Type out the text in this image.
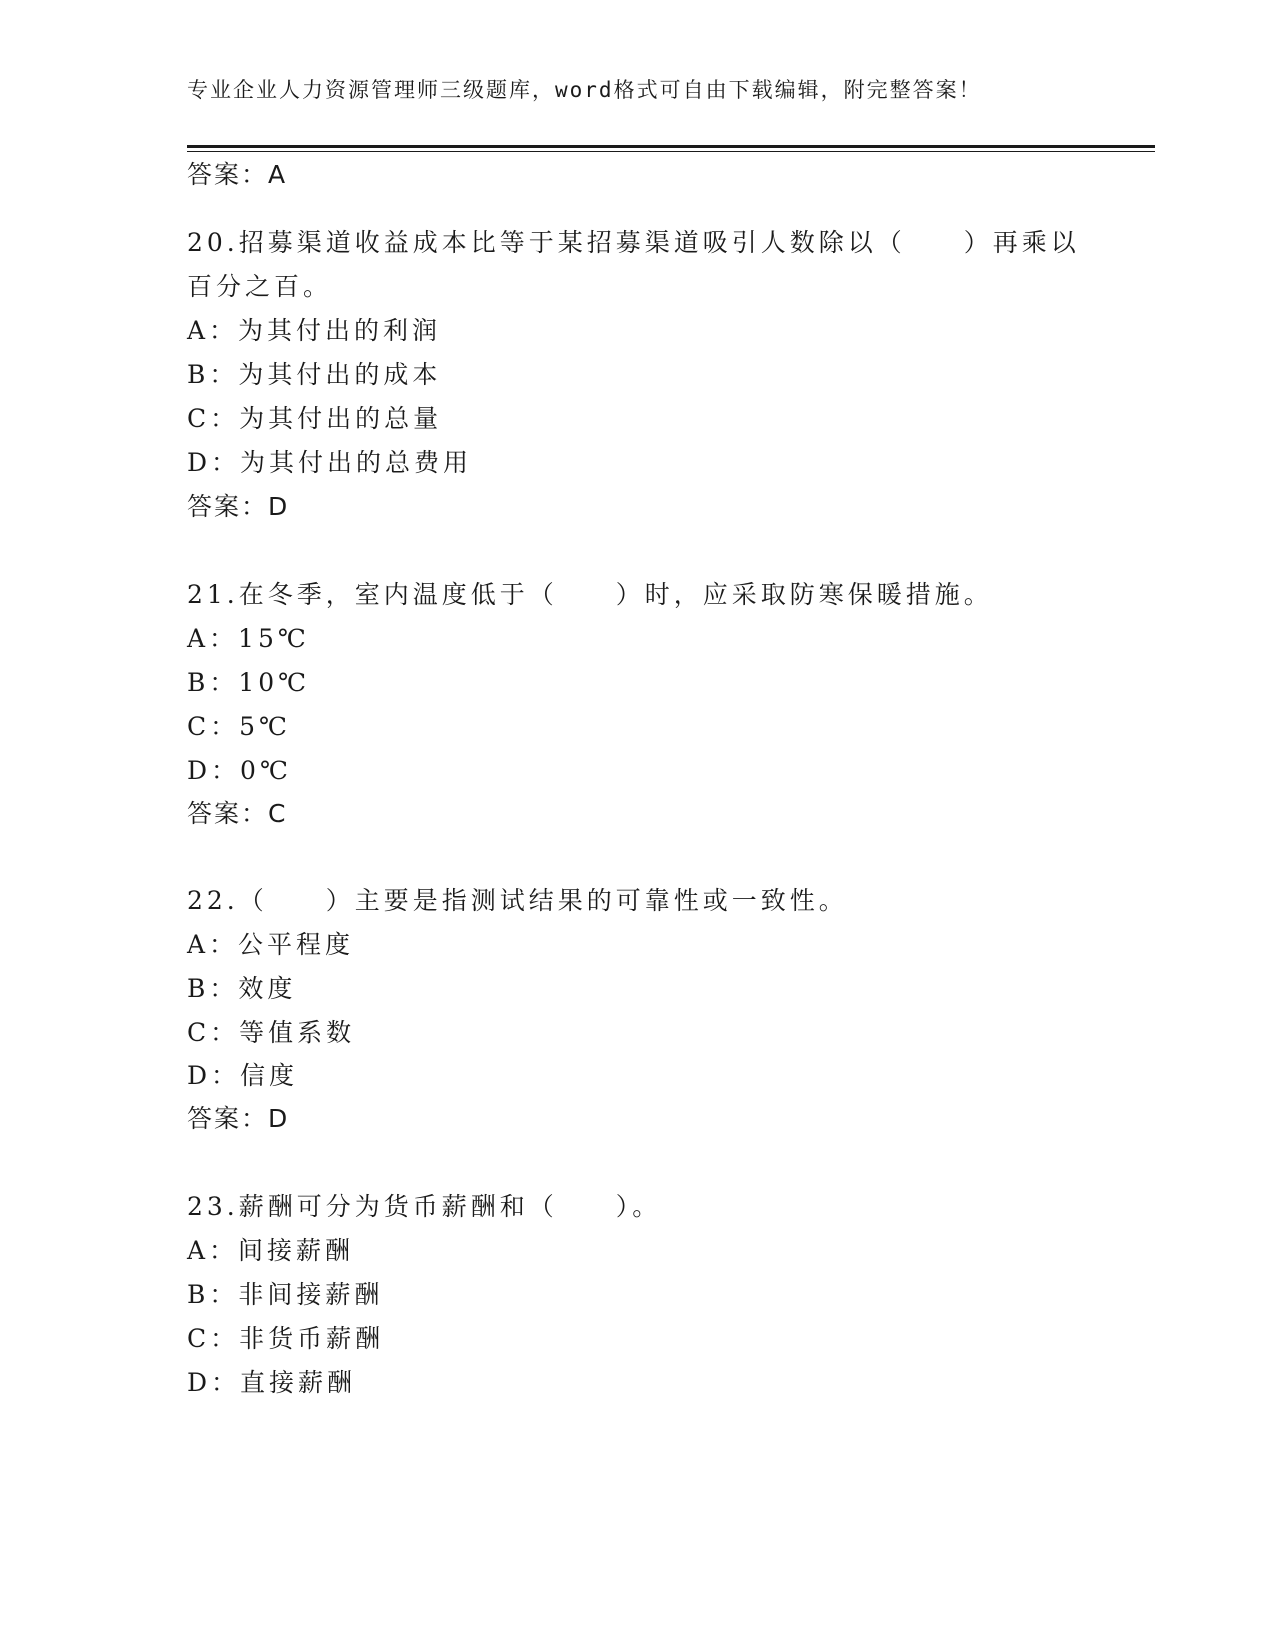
专业企业人力资源管理师三级题库，word格式可自由下载编辑，附完整答案！
答案：A
20.招募渠道收益成本比等于某招募渠道吸引人数除以（　　）再乘以
百分之百。
A：为其付出的利润
B：为其付出的成本
C：为其付出的总量
D：为其付出的总费用
答案：D
21.在冬季，室内温度低于（　　）时，应采取防寒保暖措施。
A：15℃
B：10℃
C：5℃
D：0℃
答案：C
22.（　　）主要是指测试结果的可靠性或一致性。
A：公平程度
B：效度
C：等值系数
D：信度
答案：D
23.薪酬可分为货币薪酬和（　　）。
A：间接薪酬
B：非间接薪酬
C：非货币薪酬
D：直接薪酬
